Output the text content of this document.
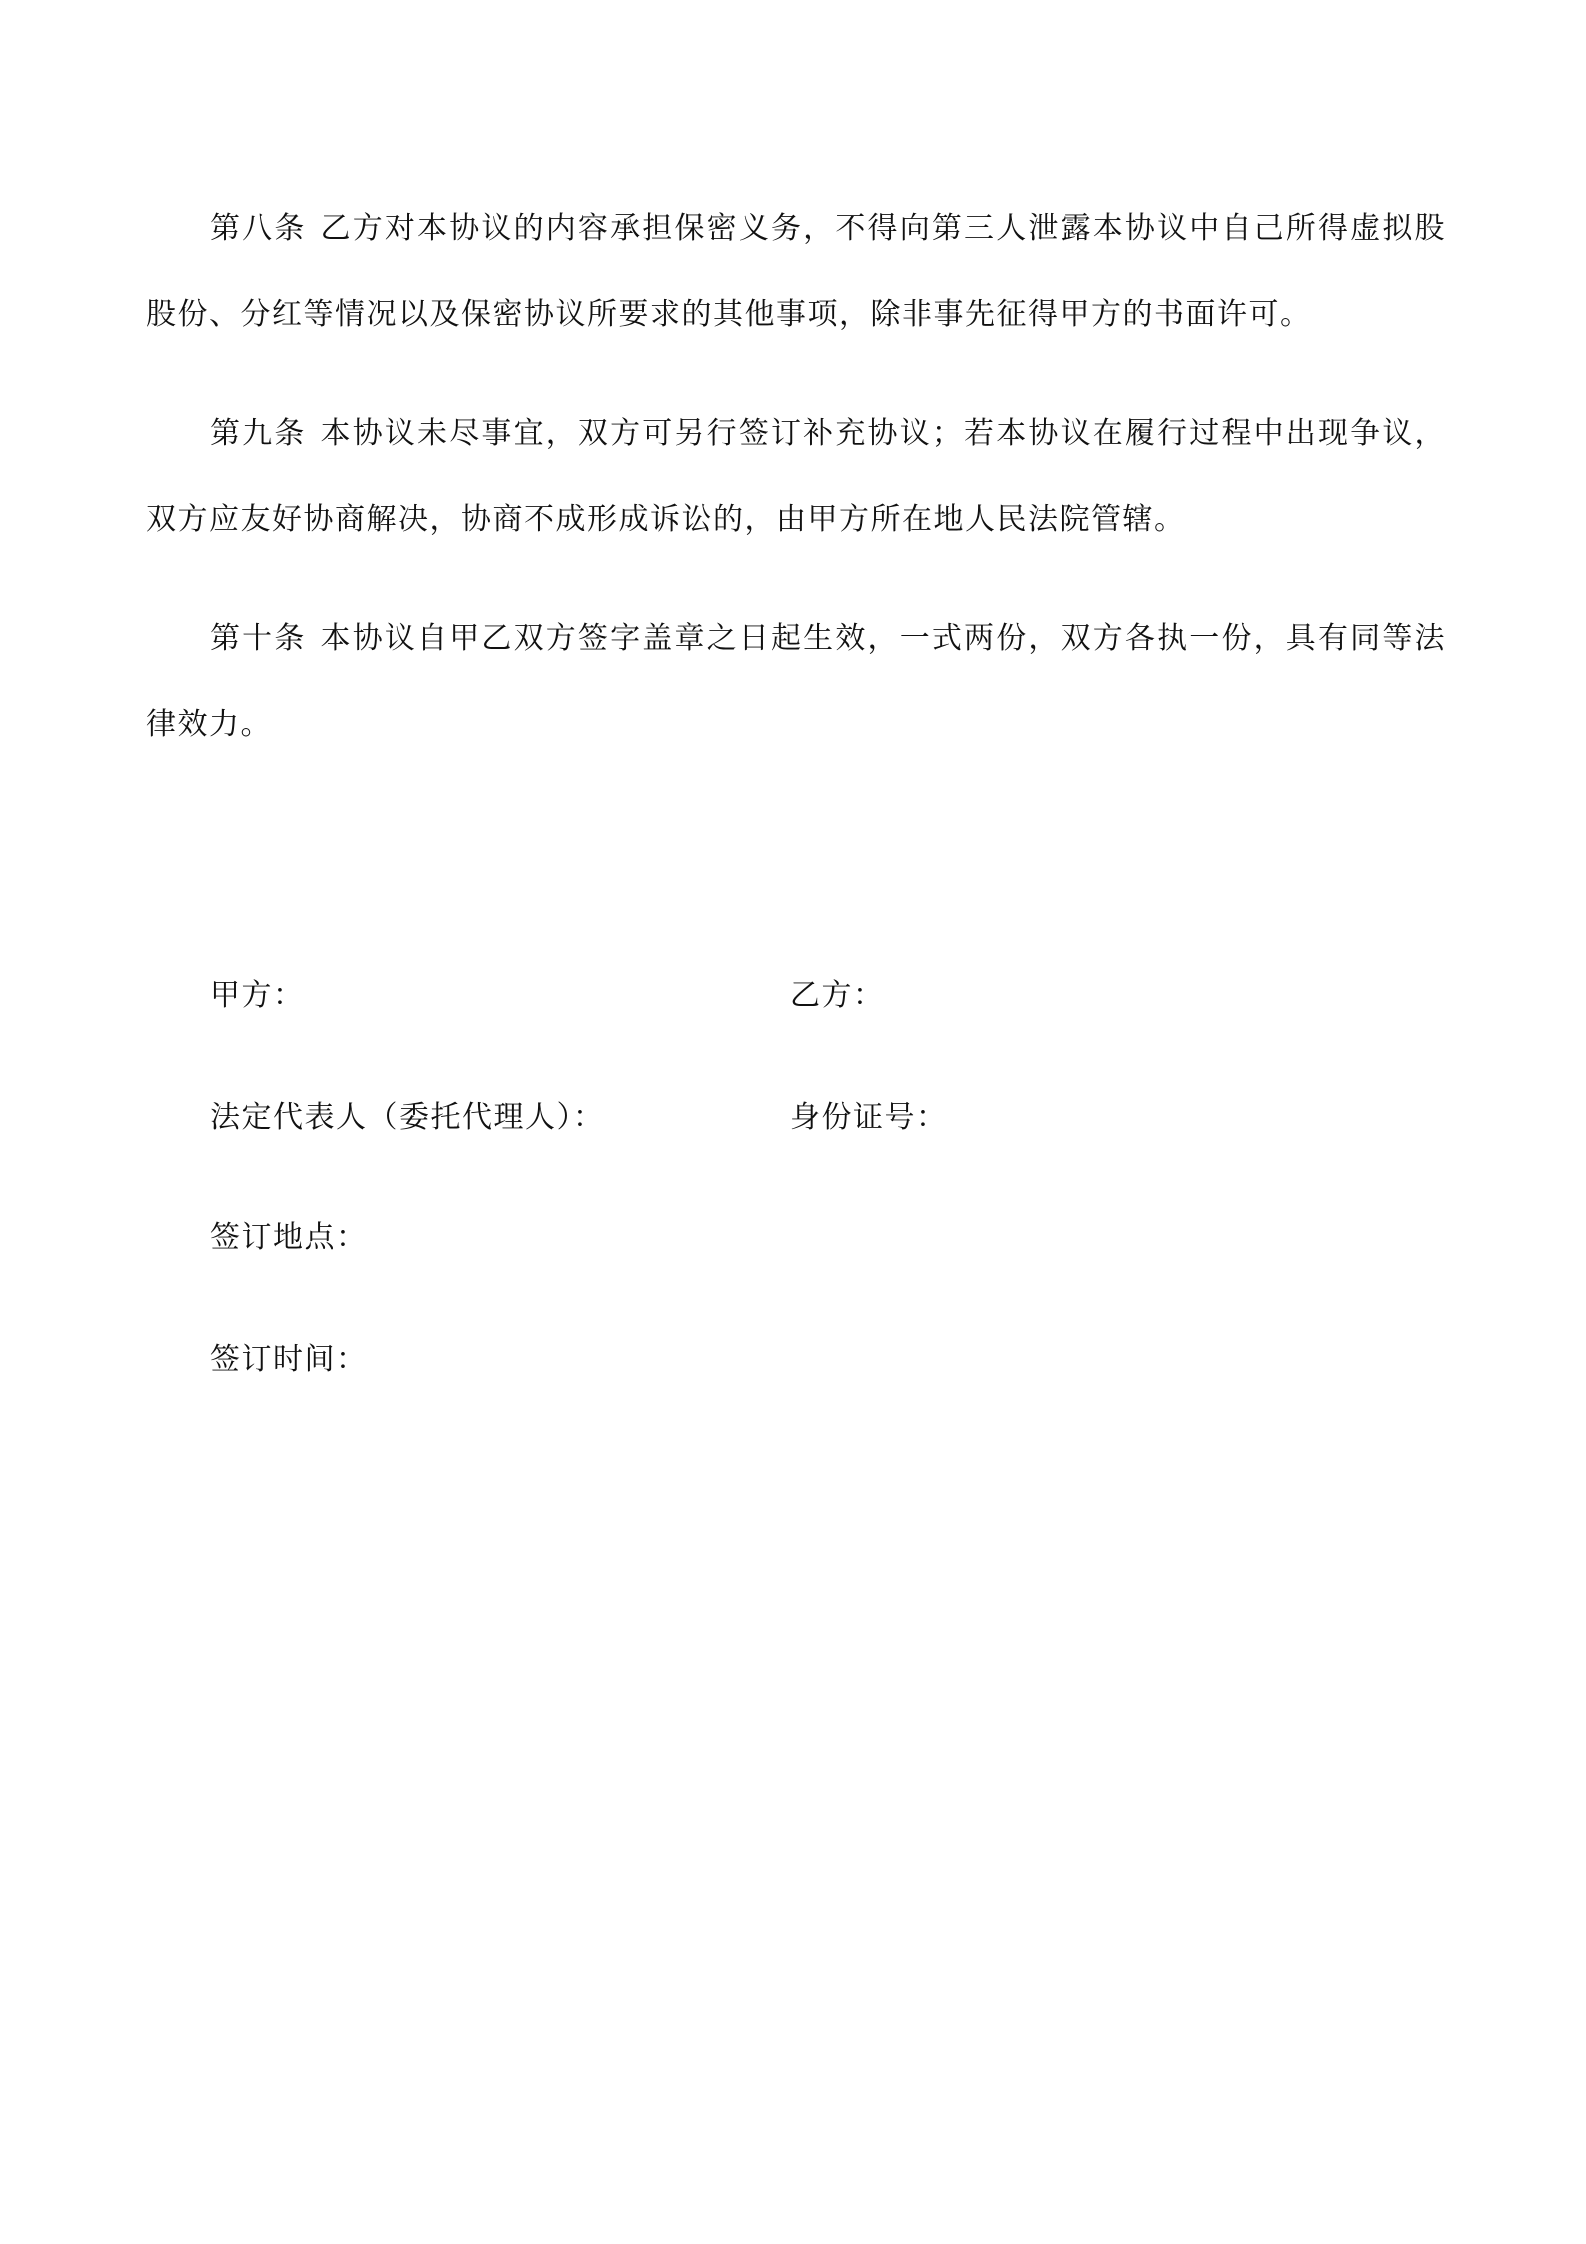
第八条 乙方对本协议的内容承担保密义务，不得向第三人泄露本协议中自己所得虚拟股股份、分红等情况以及保密协议所要求的其他事项，除非事先征得甲方的书面许可。

第九条 本协议未尽事宜，双方可另行签订补充协议；若本协议在履行过程中出现争议，双方应友好协商解决，协商不成形成诉讼的，由甲方所在地人民法院管辖。

第十条 本协议自甲乙双方签字盖章之日起生效，一式两份，双方各执一份，具有同等法律效力。

甲方：	乙方：
法定代表人（委托代理人）：	身份证号：
签订地点：
签订时间：
